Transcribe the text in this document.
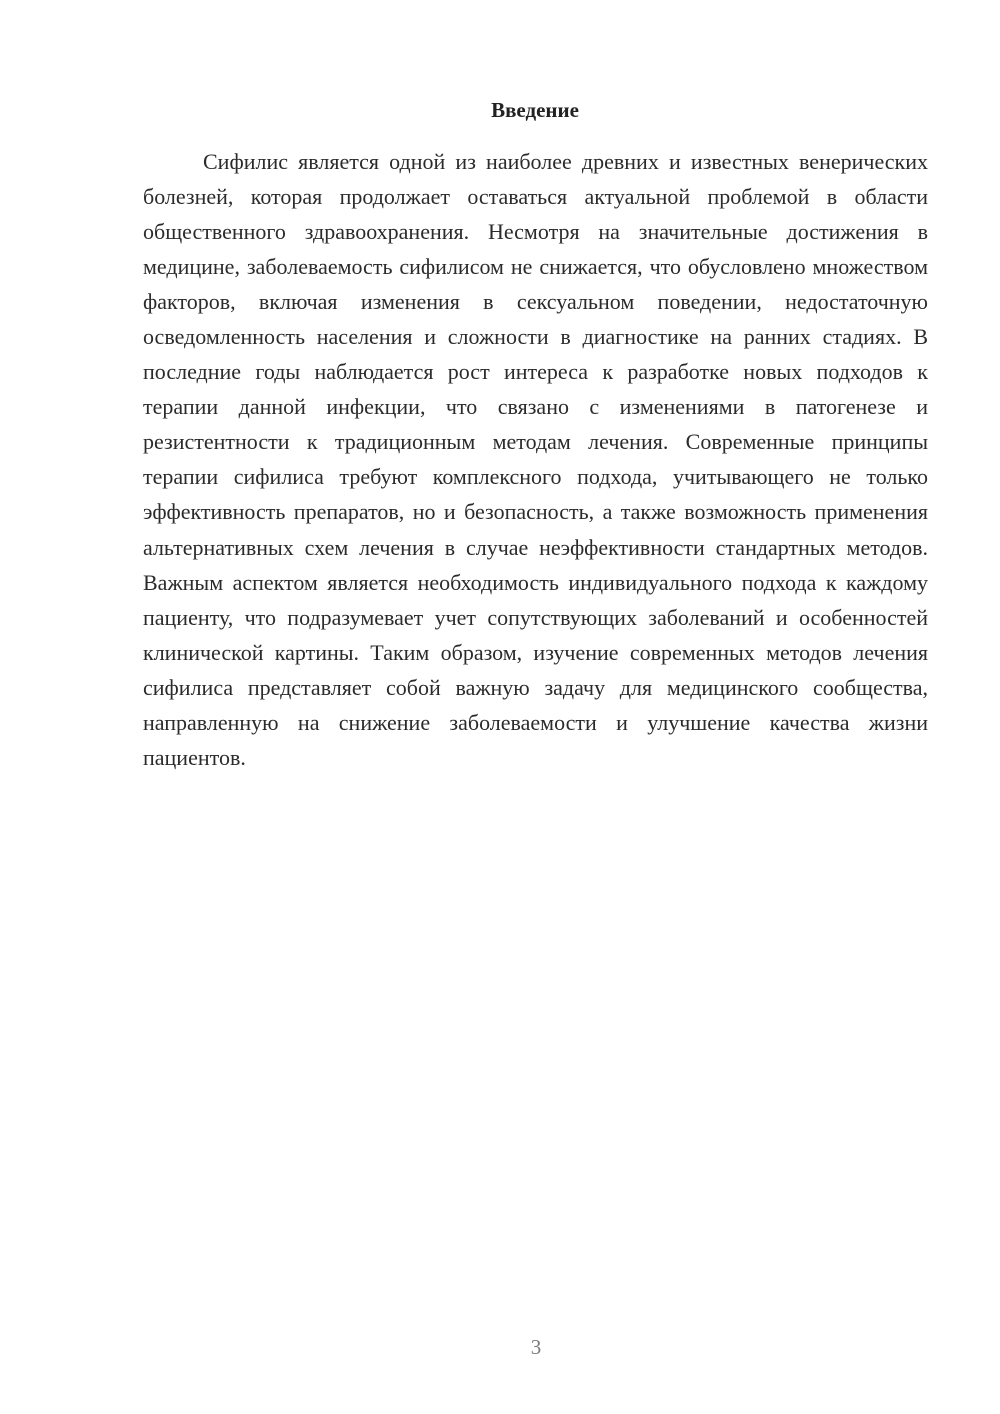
Введение

Сифилис является одной из наиболее древних и известных венерических болезней, которая продолжает оставаться актуальной проблемой в области общественного здравоохранения. Несмотря на значительные достижения в медицине, заболеваемость сифилисом не снижается, что обусловлено множеством факторов, включая изменения в сексуальном поведении, недостаточную осведомленность населения и сложности в диагностике на ранних стадиях. В последние годы наблюдается рост интереса к разработке новых подходов к терапии данной инфекции, что связано с изменениями в патогенезе и резистентности к традиционным методам лечения. Современные принципы терапии сифилиса требуют комплексного подхода, учитывающего не только эффективность препаратов, но и безопасность, а также возможность применения альтернативных схем лечения в случае неэффективности стандартных методов. Важным аспектом является необходимость индивидуального подхода к каждому пациенту, что подразумевает учет сопутствующих заболеваний и особенностей клинической картины. Таким образом, изучение современных методов лечения сифилиса представляет собой важную задачу для медицинского сообщества, направленную на снижение заболеваемости и улучшение качества жизни пациентов.

3
